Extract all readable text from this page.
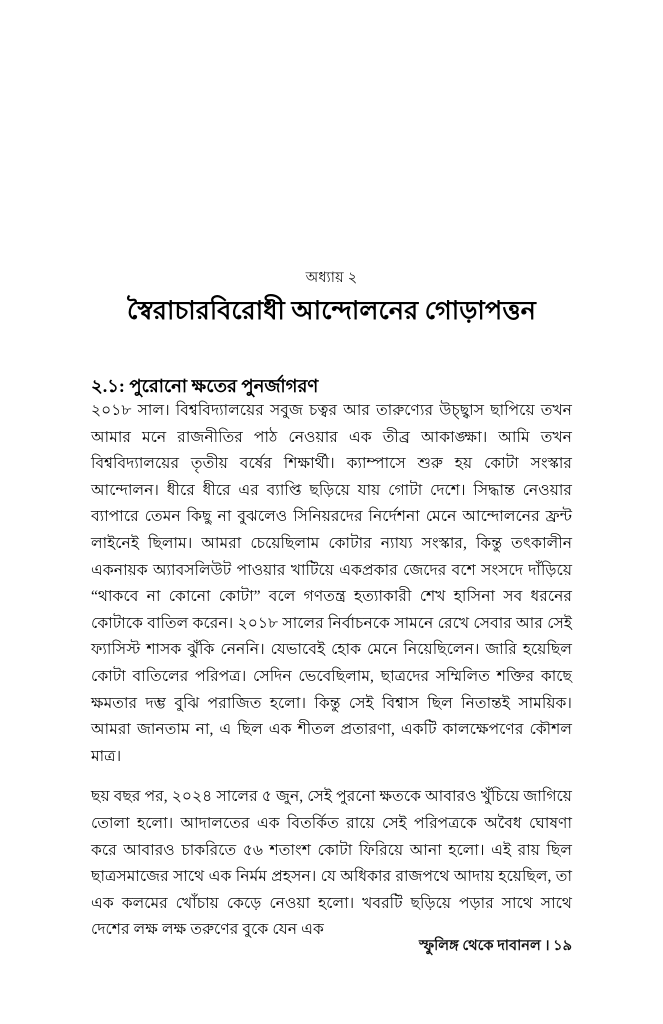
অধ্যায় ২
স্বৈরাচারবিরোধী আন্দোলনের গোড়াপত্তন
২.১: পুরোনো ক্ষতের পুনর্জাগরণ

২০১৮ সাল। বিশ্ববিদ্যালয়ের সবুজ চত্বর আর তারুণ্যের উচ্ছ্বাস ছাপিয়ে তখন আমার মনে রাজনীতির পাঠ নেওয়ার এক তীব্র আকাঙ্ক্ষা। আমি তখন বিশ্ববিদ্যালয়ের তৃতীয় বর্ষের শিক্ষার্থী। ক্যাম্পাসে শুরু হয় কোটা সংস্কার আন্দোলন। ধীরে ধীরে এর ব্যাপ্তি ছড়িয়ে যায় গোটা দেশে। সিদ্ধান্ত নেওয়ার ব্যাপারে তেমন কিছু না বুঝলেও সিনিয়রদের নির্দেশনা মেনে আন্দোলনের ফ্রন্ট লাইনেই ছিলাম। আমরা চেয়েছিলাম কোটার ন্যায্য সংস্কার, কিন্তু তৎকালীন একনায়ক অ্যাবসলিউট পাওয়ার খাটিয়ে একপ্রকার জেদের বশে সংসদে দাঁড়িয়ে “থাকবে না কোনো কোটা” বলে গণতন্ত্র হত্যাকারী শেখ হাসিনা সব ধরনের কোটাকে বাতিল করেন। ২০১৮ সালের নির্বাচনকে সামনে রেখে সেবার আর সেই ফ্যাসিস্ট শাসক ঝুঁকি নেননি। যেভাবেই হোক মেনে নিয়েছিলেন। জারি হয়েছিল কোটা বাতিলের পরিপত্র। সেদিন ভেবেছিলাম, ছাত্রদের সম্মিলিত শক্তির কাছে ক্ষমতার দম্ভ বুঝি পরাজিত হলো। কিন্তু সেই বিশ্বাস ছিল নিতান্তই সাময়িক। আমরা জানতাম না, এ ছিল এক শীতল প্রতারণা, একটি কালক্ষেপণের কৌশল মাত্র।

ছয় বছর পর, ২০২৪ সালের ৫ জুন, সেই পুরনো ক্ষতকে আবারও খুঁচিয়ে জাগিয়ে তোলা হলো। আদালতের এক বিতর্কিত রায়ে সেই পরিপত্রকে অবৈধ ঘোষণা করে আবারও চাকরিতে ৫৬ শতাংশ কোটা ফিরিয়ে আনা হলো। এই রায় ছিল ছাত্রসমাজের সাথে এক নির্মম প্রহসন। যে অধিকার রাজপথে আদায় হয়েছিল, তা এক কলমের খোঁচায় কেড়ে নেওয়া হলো। খবরটি ছড়িয়ে পড়ার সাথে সাথে দেশের লক্ষ লক্ষ তরুণের বুকে যেন এক

স্ফুলিঙ্গ থেকে দাবানল । ১৯
